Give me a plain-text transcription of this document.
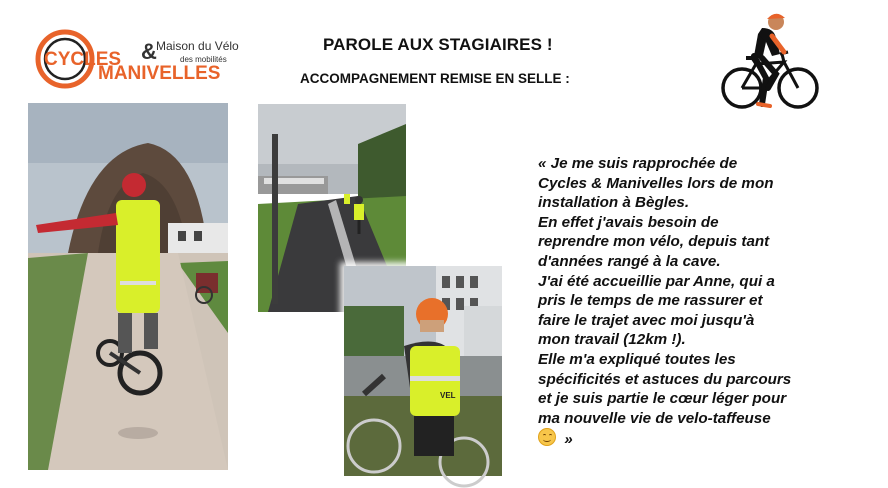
CYCLES &
MANIVELLES
Maison du Vélo
des mobilités
PAROLE AUX STAGIAIRES !
ACCOMPAGNEMENT REMISE EN SELLE :
VEL

« Je me suis rapprochée de

Cycles & Manivelles lors de mon

installation à Bègles.

En effet j'avais besoin de

reprendre mon vélo, depuis tant

d'années rangé à la cave.

J'ai été accueillie par Anne, qui a

pris le temps de me rassurer et

faire le trajet avec moi jusqu'à

mon travail (12km !).

Elle m'a expliqué toutes les

spécificités et astuces du parcours

et je suis partie le cœur léger pour

ma nouvelle vie de velo-taffeuse

»
